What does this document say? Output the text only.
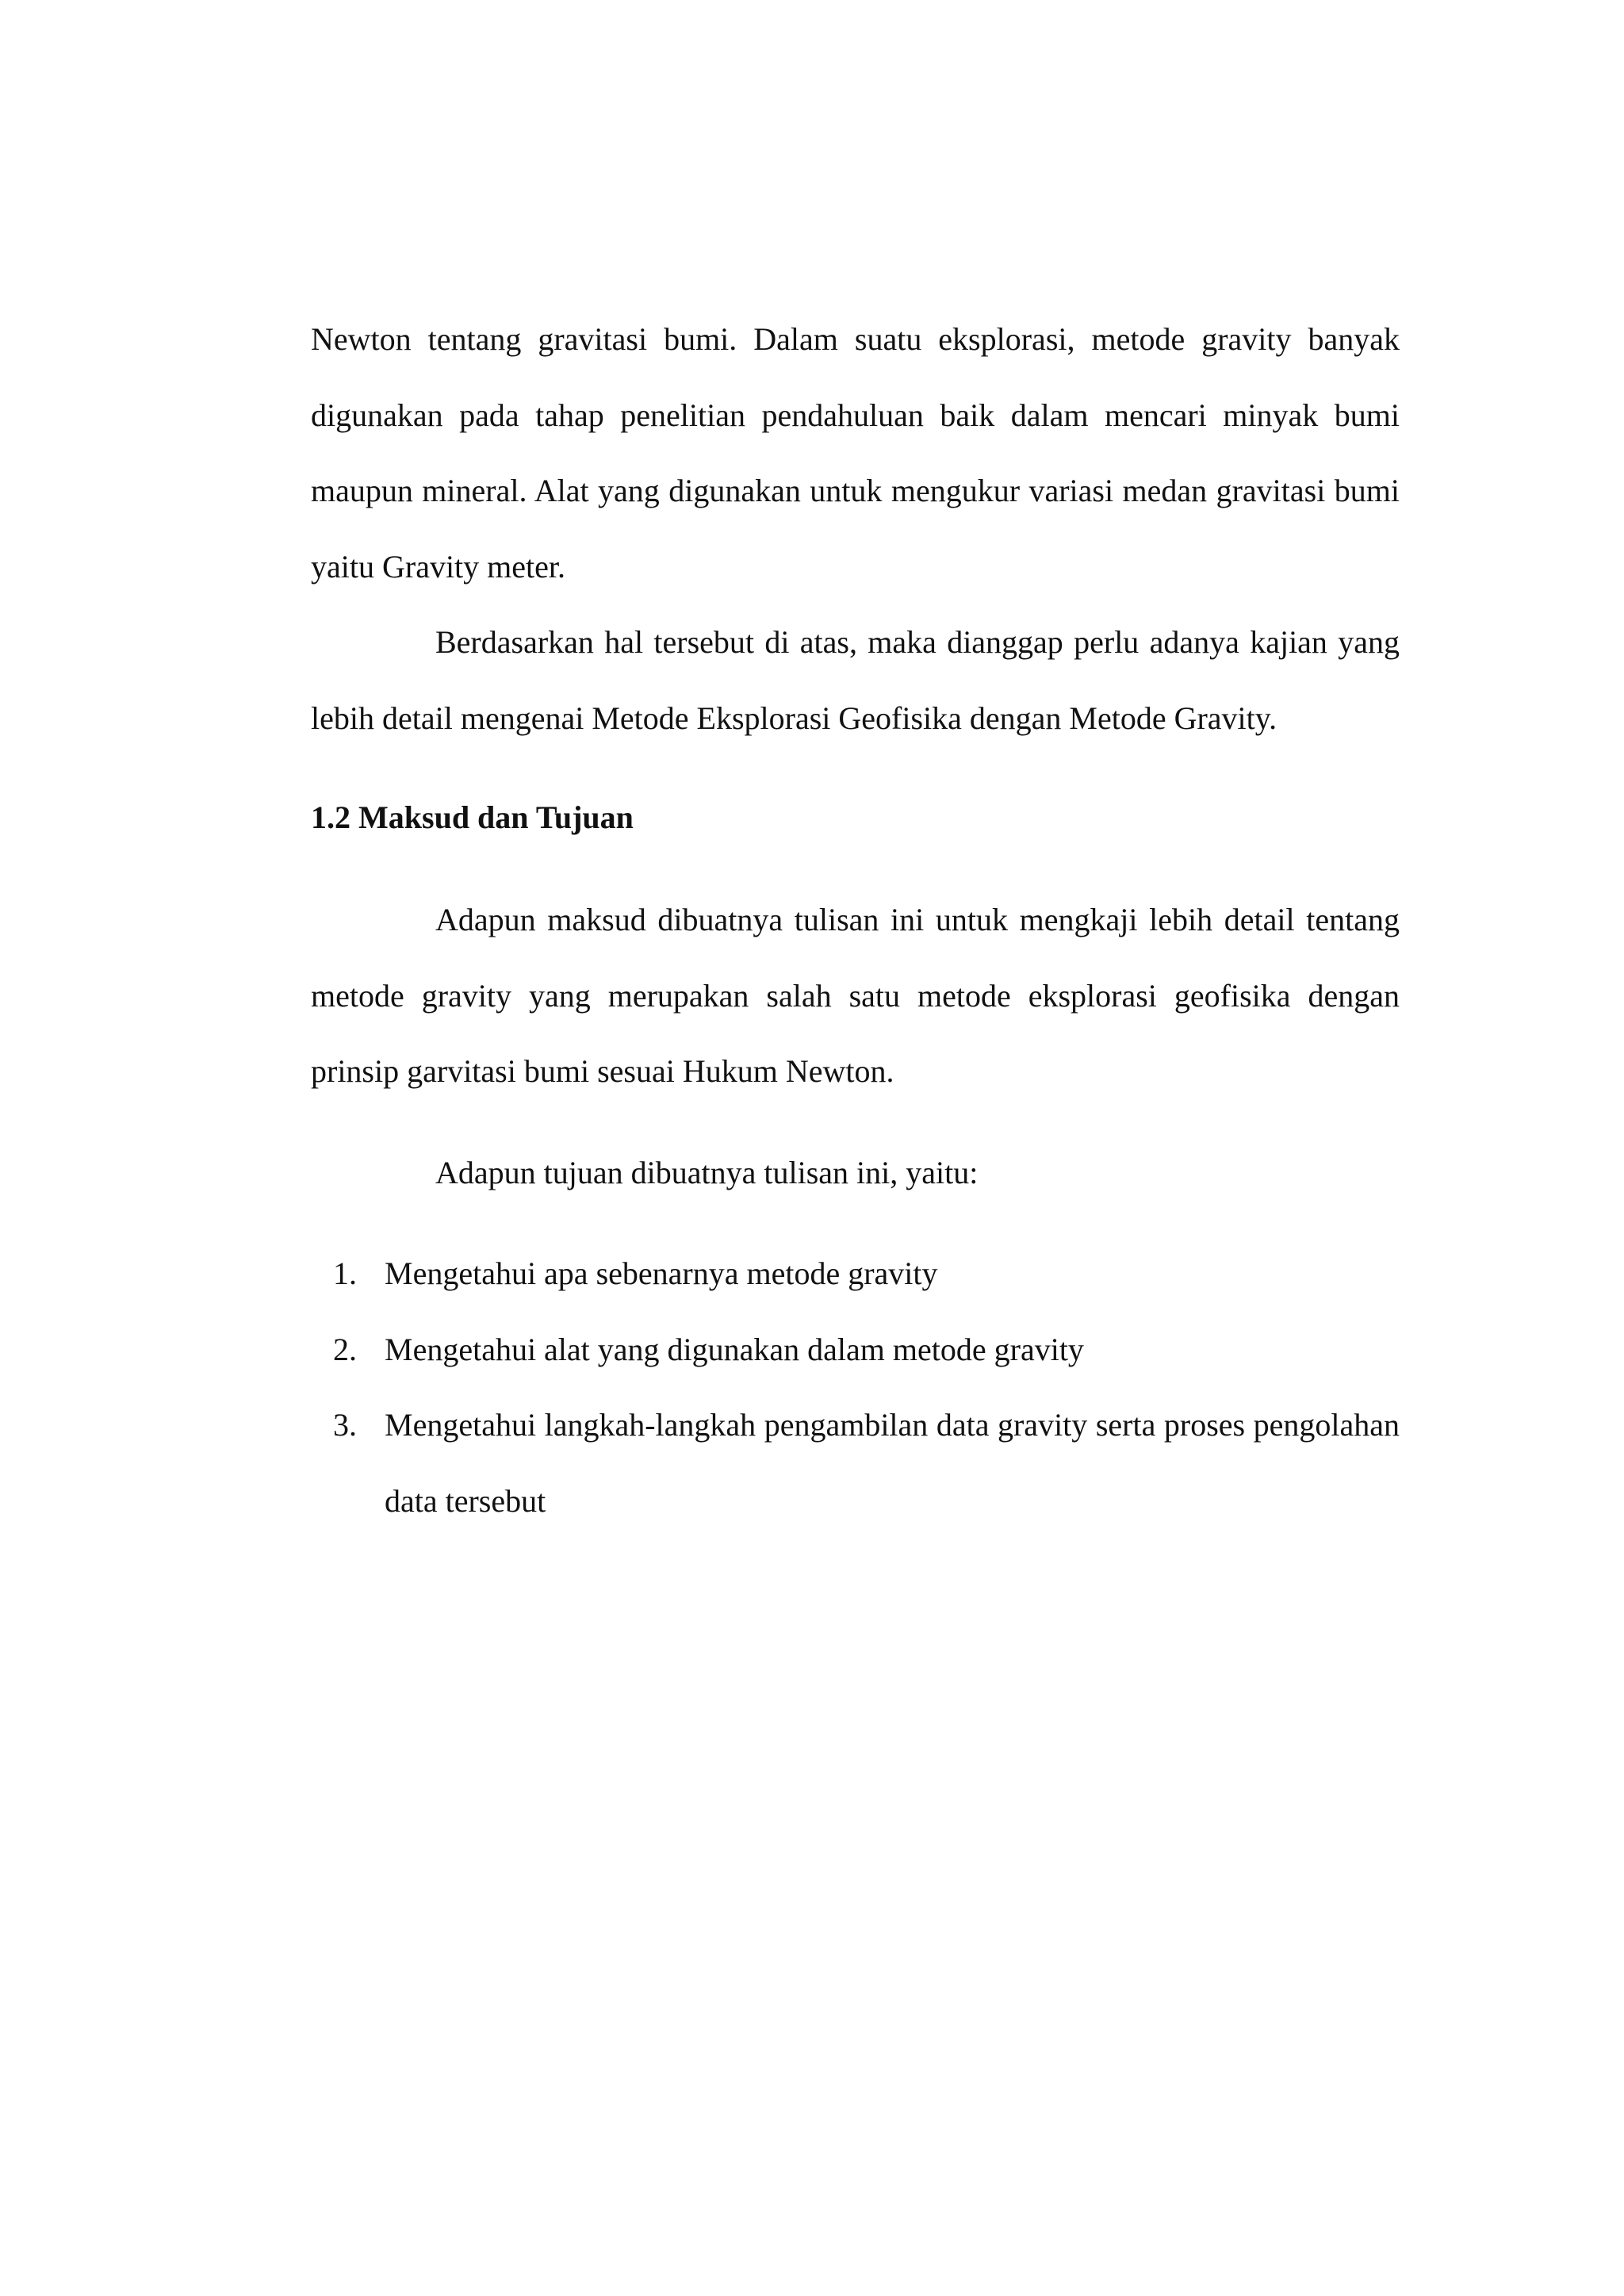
Newton tentang gravitasi bumi. Dalam suatu eksplorasi, metode gravity banyak digunakan pada tahap penelitian pendahuluan baik dalam mencari minyak bumi maupun mineral. Alat yang digunakan untuk mengukur variasi medan gravitasi bumi yaitu Gravity meter.

Berdasarkan hal tersebut di atas, maka dianggap perlu adanya kajian yang lebih detail mengenai Metode Eksplorasi Geofisika dengan Metode Gravity.

1.2 Maksud dan Tujuan

Adapun maksud dibuatnya tulisan ini untuk mengkaji lebih detail tentang metode gravity yang merupakan salah satu metode eksplorasi geofisika dengan prinsip garvitasi bumi sesuai Hukum Newton.

Adapun tujuan dibuatnya tulisan ini, yaitu:

1. Mengetahui apa sebenarnya metode gravity
2. Mengetahui alat yang digunakan dalam metode gravity
3. Mengetahui langkah-langkah pengambilan data gravity serta proses pengolahan data tersebut
